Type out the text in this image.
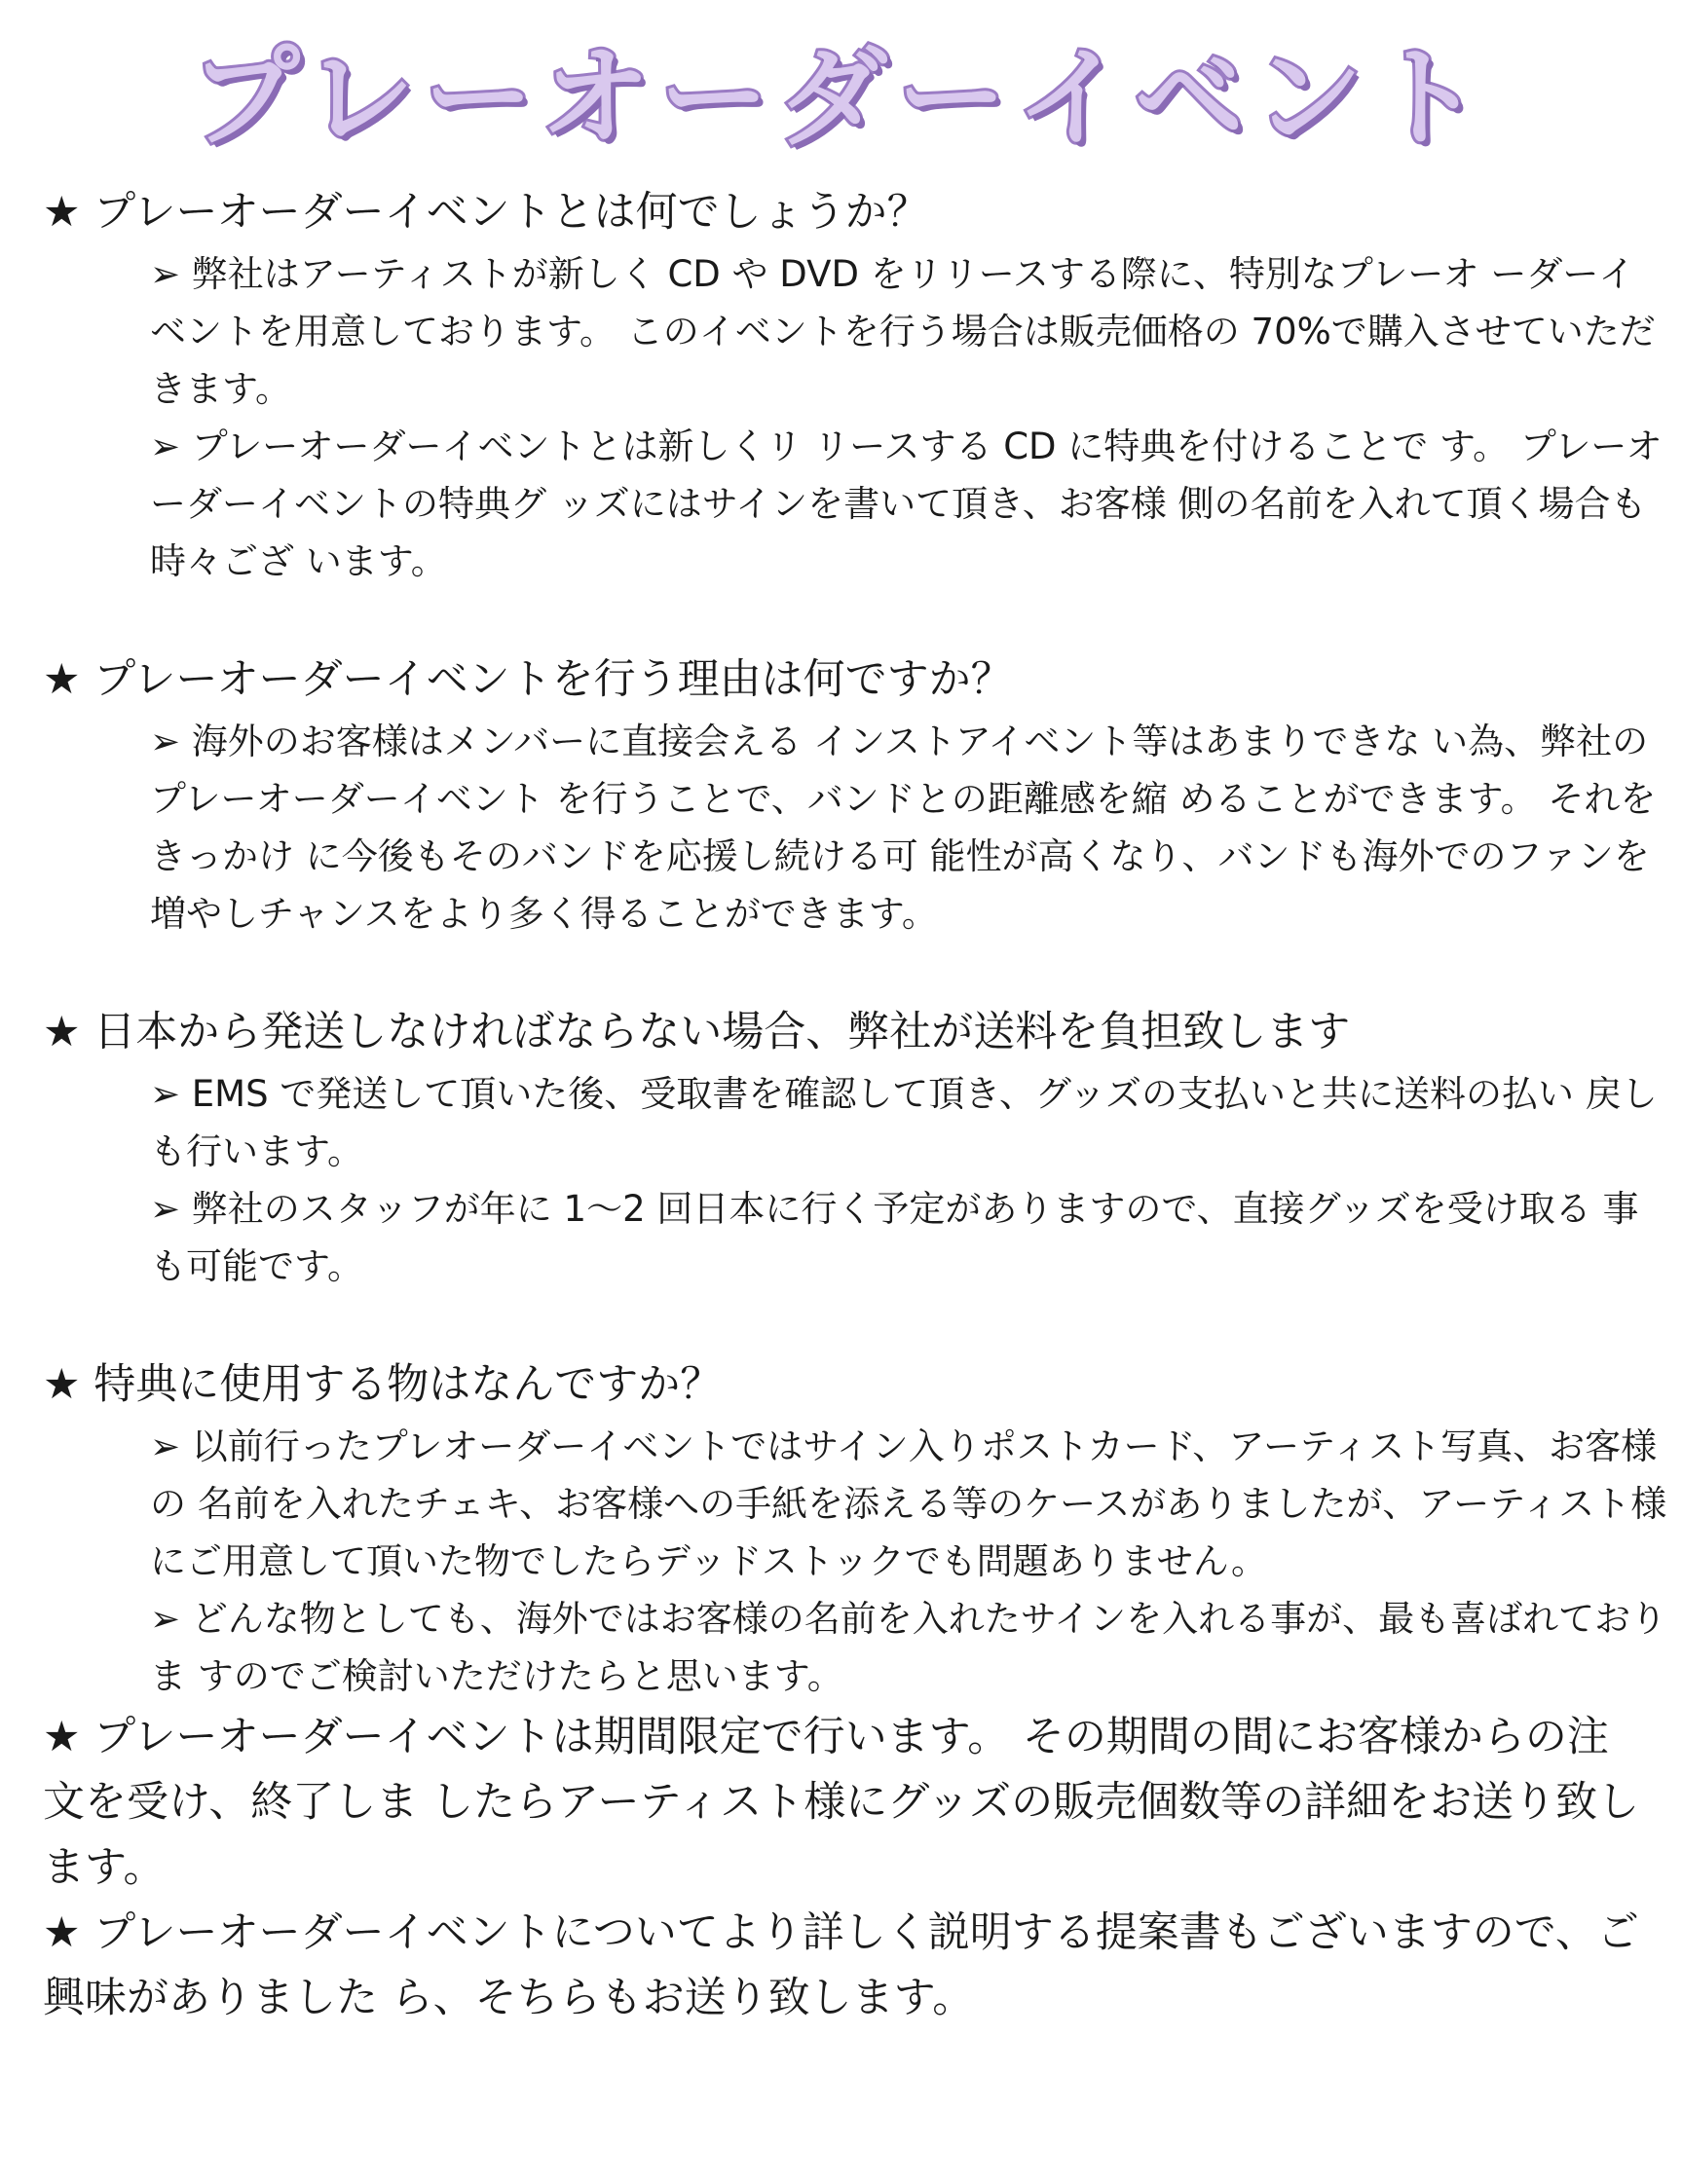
プレーオーダーイベント

★ プレーオーダーイベントとは何でしょうか？

➢ 弊社はアーティストが新しく CD や DVD をリリースする際に、特別なプレーオ ーダーイベントを用意しております。 このイベントを行う場合は販売価格の 70%で購入させていただきます。
➢ プレーオーダーイベントとは新しくリ リースする CD に特典を付けることで す。 プレーオーダーイベントの特典グ ッズにはサインを書いて頂き、お客様 側の名前を入れて頂く場合も時々ござ います。

★ プレーオーダーイベントを行う理由は何ですか？

➢ 海外のお客様はメンバーに直接会える インストアイベント等はあまりできな い為、弊社のプレーオーダーイベント を行うことで、バンドとの距離感を縮 めることができます。 それをきっかけ に今後もそのバンドを応援し続ける可 能性が高くなり、バンドも海外でのファンを増やしチャンスをより多く得ることができます。

★ 日本から発送しなければならない場合、弊社が送料を負担致します

➢ EMS で発送して頂いた後、受取書を確認して頂き、グッズの支払いと共に送料の払い 戻しも行います。
➢ 弊社のスタッフが年に 1～2 回日本に行く予定がありますので、直接グッズを受け取る 事も可能です。

★ 特典に使用する物はなんですか？

➢ 以前行ったプレオーダーイベントではサイン入りポストカード、アーティスト写真、お客様の 名前を入れたチェキ、お客様への手紙を添える等のケースがありましたが、アーティスト様にご用意して頂いた物でしたらデッドストックでも問題ありません。
➢ どんな物としても、海外ではお客様の名前を入れたサインを入れる事が、最も喜ばれておりま すのでご検討いただけたらと思います。

★ プレーオーダーイベントは期間限定で行います。 その期間の間にお客様からの注文を受け、終了しま したらアーティスト様にグッズの販売個数等の詳細をお送り致します。

★ プレーオーダーイベントについてより詳しく説明する提案書もございますので、ご興味がありました ら、そちらもお送り致します。
